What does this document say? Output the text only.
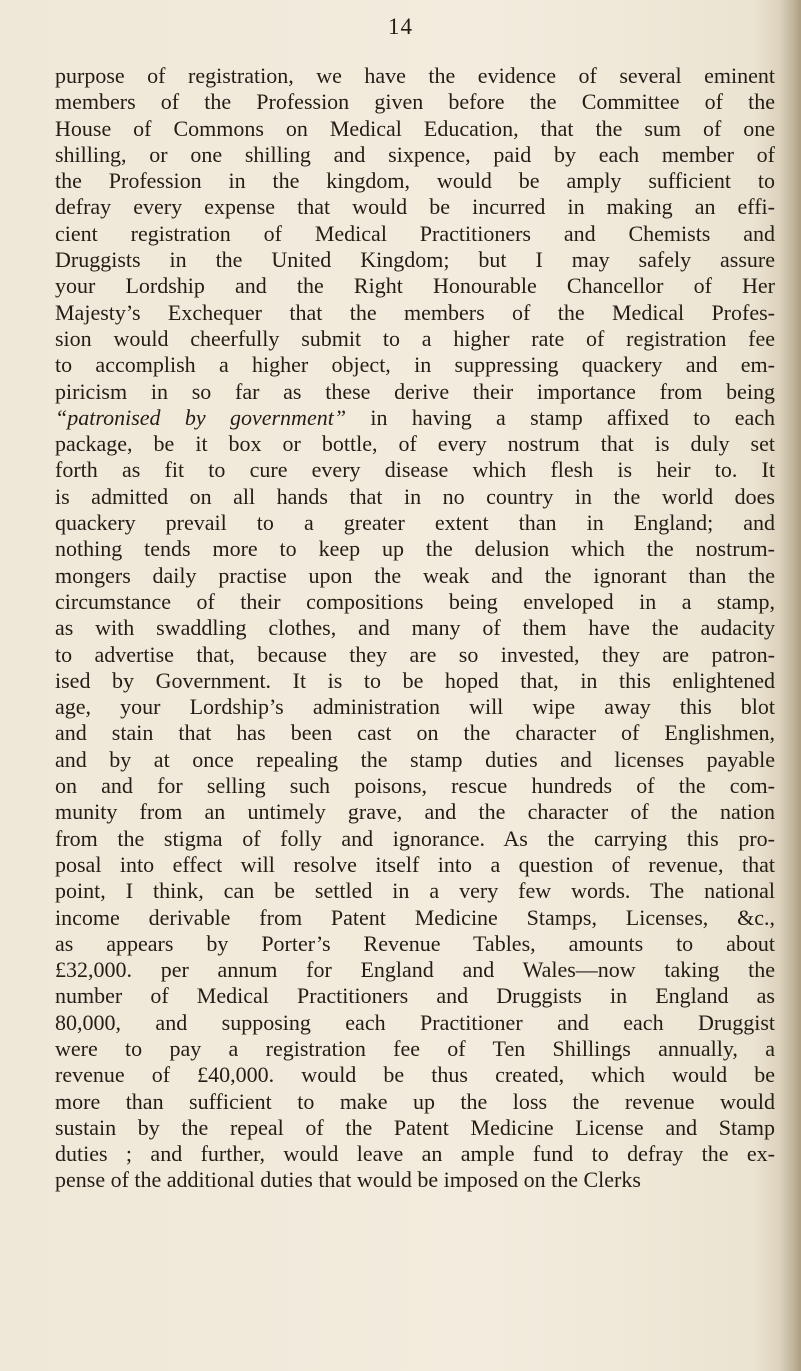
14
purpose of registration, we have the evidence of several eminent
members of the Profession given before the Committee of the
House of Commons on Medical Education, that the sum of one
shilling, or one shilling and sixpence, paid by each member of
the Profession in the kingdom, would be amply sufficient to
defray every expense that would be incurred in making an effi-
cient registration of Medical Practitioners and Chemists and
Druggists in the United Kingdom; but I may safely assure
your Lordship and the Right Honourable Chancellor of Her
Majesty’s Exchequer that the members of the Medical Profes-
sion would cheerfully submit to a higher rate of registration fee
to accomplish a higher object, in suppressing quackery and em-
piricism in so far as these derive their importance from being
“patronised by government” in having a stamp affixed to each
package, be it box or bottle, of every nostrum that is duly set
forth as fit to cure every disease which flesh is heir to. It
is admitted on all hands that in no country in the world does
quackery prevail to a greater extent than in England; and
nothing tends more to keep up the delusion which the nostrum-
mongers daily practise upon the weak and the ignorant than the
circumstance of their compositions being enveloped in a stamp,
as with swaddling clothes, and many of them have the audacity
to advertise that, because they are so invested, they are patron-
ised by Government. It is to be hoped that, in this enlightened
age, your Lordship’s administration will wipe away this blot
and stain that has been cast on the character of Englishmen,
and by at once repealing the stamp duties and licenses payable
on and for selling such poisons, rescue hundreds of the com-
munity from an untimely grave, and the character of the nation
from the stigma of folly and ignorance. As the carrying this pro-
posal into effect will resolve itself into a question of revenue, that
point, I think, can be settled in a very few words. The national
income derivable from Patent Medicine Stamps, Licenses, &c.,
as appears by Porter’s Revenue Tables, amounts to about
£32,000. per annum for England and Wales—now taking the
number of Medical Practitioners and Druggists in England as
80,000, and supposing each Practitioner and each Druggist
were to pay a registration fee of Ten Shillings annually, a
revenue of £40,000. would be thus created, which would be
more than sufficient to make up the loss the revenue would
sustain by the repeal of the Patent Medicine License and Stamp
duties ; and further, would leave an ample fund to defray the ex-
pense of the additional duties that would be imposed on the Clerks
